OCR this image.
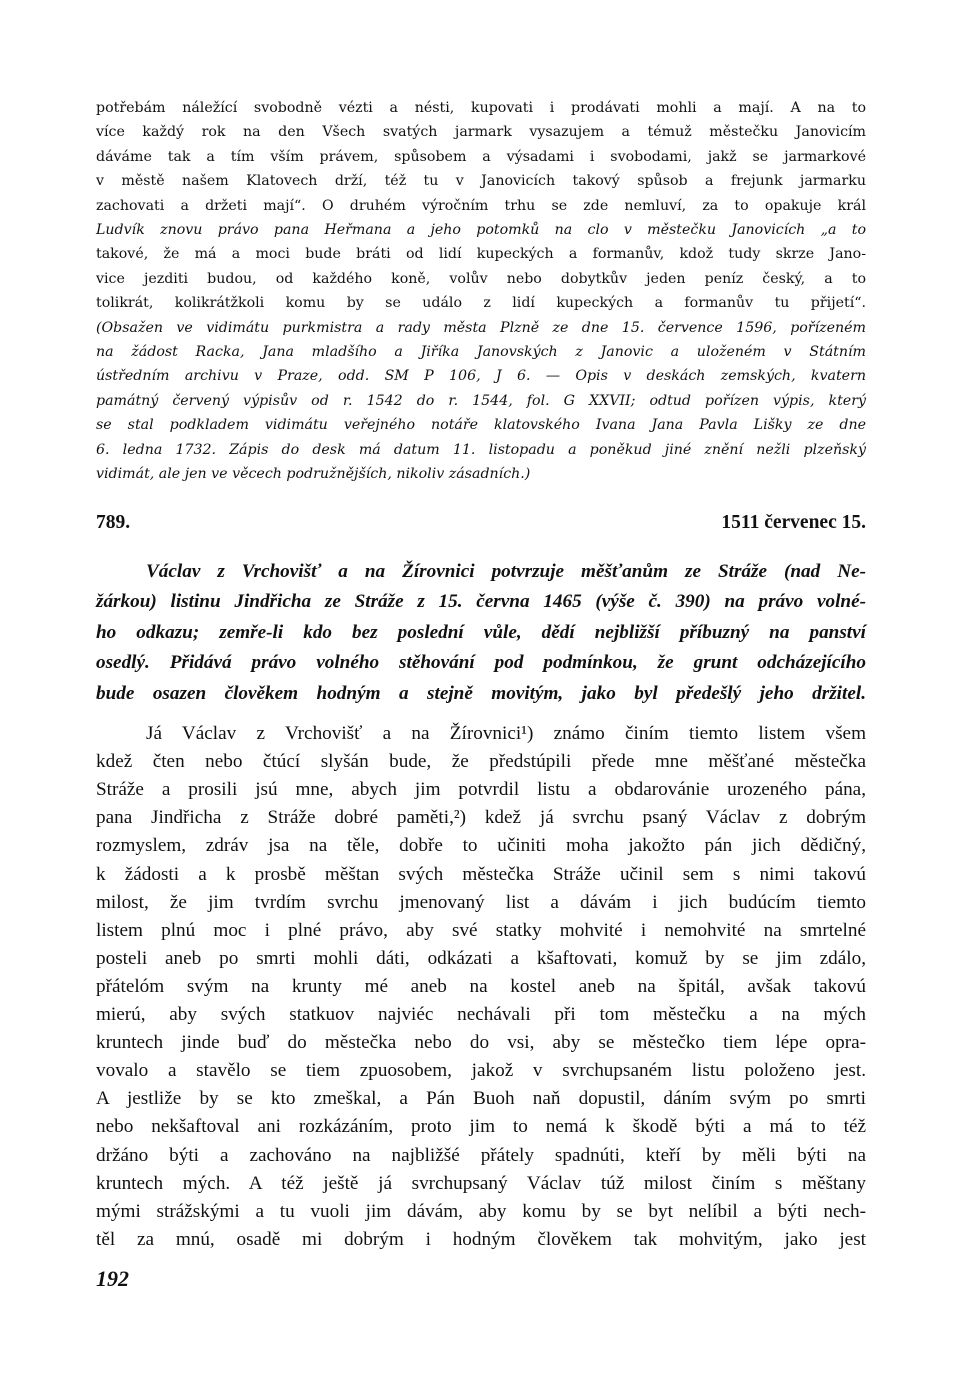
potřebám náležící svobodně vézti a nésti, kupovati i prodávati mohli a mají. A na to
více každý rok na den Všech svatých jarmark vysazujem a témuž městečku Janovicím
dáváme tak a tím vším právem, spůsobem a výsadami i svobodami, jakž se jarmarkové
v městě našem Klatovech drží, též tu v Janovicích takový spůsob a frejunk jarmarku
zachovati a držeti mají“. O druhém výročním trhu se zde nemluví, za to opakuje král
Ludvík znovu právo pana Heřmana a jeho potomků na clo v městečku Janovicích „a to
takové, že má a moci bude bráti od lidí kupeckých a formanův, kdož tudy skrze Jano-
vice jezditi budou, od každého koně, volův nebo dobytkův jeden peníz český, a to
tolikrát, kolikrátžkoli komu by se událo z lidí kupeckých a formanův tu přijetí“.
(Obsažen ve vidimátu purkmistra a rady města Plzně ze dne 15. července 1596, pořízeném
na žádost Racka, Jana mladšího a Jiříka Janovských z Janovic a uloženém v Státním
ústředním archivu v Praze, odd. SM P 106, J 6. — Opis v deskách zemských, kvatern
památný červený výpisův od r. 1542 do r. 1544, fol. G XXVII; odtud pořízen výpis, který
se stal podkladem vidimátu veřejného notáře klatovského Ivana Jana Pavla Lišky ze dne
6. ledna 1732. Zápis do desk má datum 11. listopadu a poněkud jiné znění nežli plzeňský
vidimát, ale jen ve věcech podružnějších, nikoliv zásadních.)
789.	1511 červenec 15.
Václav z Vrchovišť a na Žírovnici potvrzuje měšťanům ze Stráže (nad Ne-
žárkou) listinu Jindřicha ze Stráže z 15. června 1465 (výše č. 390) na právo volné-
ho odkazu; zemře-li kdo bez poslední vůle, dědí nejbližší příbuzný na panství
osedlý. Přidává právo volného stěhování pod podmínkou, že grunt odcházejícího
bude osazen člověkem hodným a stejně movitým, jako byl předešlý jeho držitel.
Já Václav z Vrchovišť a na Žírovnici¹) známo činím tiemto listem všem
kdež čten nebo čtúcí slyšán bude, že předstúpili přede mne měšťané městečka
Stráže a prosili jsú mne, abych jim potvrdil listu a obdarovánie urozeného pána,
pana Jindřicha z Stráže dobré paměti,²) kdež já svrchu psaný Václav z dobrým
rozmyslem, zdráv jsa na těle, dobře to učiniti moha jakožto pán jich dědičný,
k žádosti a k prosbě měštan svých městečka Stráže učinil sem s nimi takovú
milost, že jim tvrdím svrchu jmenovaný list a dávám i jich budúcím tiemto
listem plnú moc i plné právo, aby své statky mohvité i nemohvité na smrtelné
posteli aneb po smrti mohli dáti, odkázati a kšaftovati, komuž by se jim zdálo,
přátelóm svým na krunty mé aneb na kostel aneb na špitál, avšak takovú
mierú, aby svých statkuov najviéc nechávali při tom městečku a na mých
kruntech jinde buď do městečka nebo do vsi, aby se městečko tiem lépe opra-
vovalo a stavělo se tiem zpuosobem, jakož v svrchupsaném listu položeno jest.
A jestliže by se kto zmeškal, a Pán Buoh naň dopustil, dáním svým po smrti
nebo nekšaftoval ani rozkázáním, proto jim to nemá k škodě býti a má to též
držáno býti a zachováno na najbližšé přátely spadnúti, kteří by měli býti na
kruntech mých. A též ještě já svrchupsaný Václav túž milost činím s měštany
mými strážskými a tu vuoli jim dávám, aby komu by se byt nelíbil a býti nech-
těl za mnú, osadě mi dobrým i hodným člověkem tak mohvitým, jako jest
192
